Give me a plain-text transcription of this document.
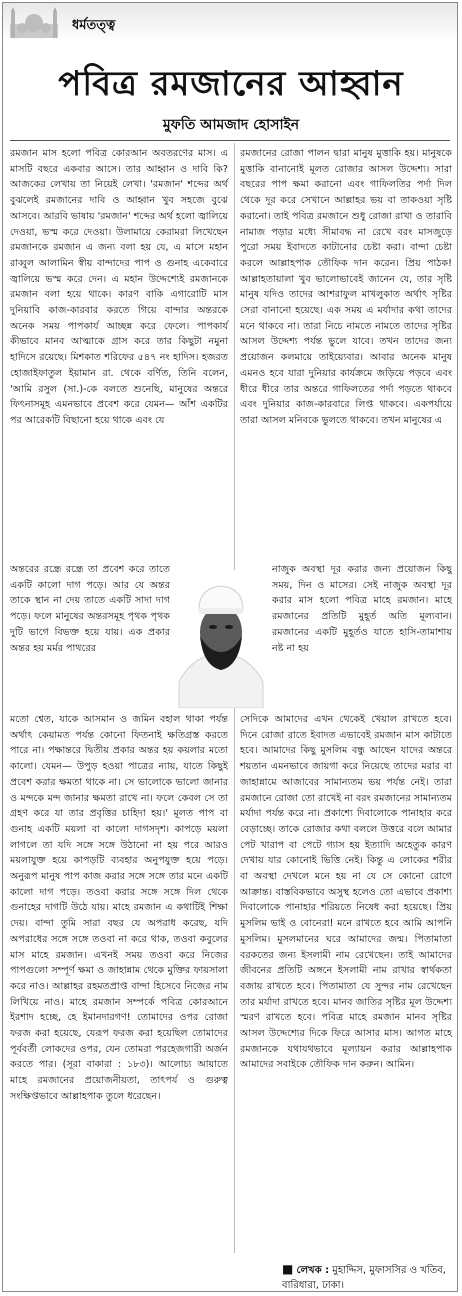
ধর্মতত্ত্ব
পবিত্র রমজানের আহ্বান
মুফতি আমজাদ হোসাইন

রমজান মাস হলো পবিত্র কোরআন অবতরণের মাস। এ মাসটি বছরে একবার আসে। তার আহ্বান ও দাবি কি? আজকের লেখায় তা নিয়েই লেখা। 'রমজান' শব্দের অর্থ বুঝলেই রমজানের দাবি ও আহ্বান খুব সহজে বুঝে আসবে। আরবি ভাষায় 'রমজান' শব্দের অর্থ হলো জ্বালিয়ে দেওয়া, ভস্ম করে দেওয়া। উলামায়ে কেরামরা লিখেছেন রমজানকে রমজান এ জন্য বলা হয় যে, এ মাসে মহান রাব্বুল আলামিন স্বীয় বান্দাদের পাপ ও গুনাহ একেবারে জ্বালিয়ে ভস্ম করে দেন। এ মহান উদ্দেশ্যেই রমজানকে রমজান বলা হয়ে থাকে। কারণ বাকি এগারোটি মাস দুনিয়াবি কাজ-কারবার করতে গিয়ে বান্দার অন্তরকে অনেক সময় পাপকার্য আচ্ছন্ন করে ফেলে। পাপকার্য কীভাবে মানব আত্মাকে গ্রাস করে তার কিছুটা নমুনা হাদিসে রয়েছে। মিশকাত শরিফের ৫৪৭ নং হাদিস। হজরত হোজাইফাতুল ইয়ামান রা. থেকে বর্ণিত, তিনি বলেন, 'আমি রসুল (সা.)-কে বলতে শুনেছি, মানুষের অন্তরে ফিৎনাসমূহ এমনভাবে প্রবেশ করে যেমন— আঁশ একটির পর আরেকটি বিছানো হয়ে থাকে এবং যে

অন্তরের রন্ধ্রে রন্ধ্রে তা প্রবেশ করে তাতে একটি কালো দাগ পড়ে। আর যে অন্তর তাকে স্থান না দেয় তাতে একটি সাদা দাগ পড়ে। ফলে মানুষের অন্তরসমূহ পৃথক পৃথক দুটি ভাগে বিভক্ত হয়ে যায়। এক প্রকার অন্তর হয় মর্মর পাথরের

মতো শ্বেত, যাকে আসমান ও জমিন বহাল থাকা পর্যন্ত অর্থাৎ কেয়ামত পর্যন্ত কোনো ফিতনাই ক্ষতিগ্রস্ত করতে পারে না। পক্ষান্তরে দ্বিতীয় প্রকার অন্তর হয় কয়লার মতো কালো। যেমন— উপুড় হওয়া পাত্রের ন্যায়, যাতে কিছুই প্রবেশ করার ক্ষমতা থাকে না। সে ভালোকে ভালো জানার ও মন্দকে মন্দ জানার ক্ষমতা রাখে না। ফলে কেবল সে তা গ্রহণ করে যা তার প্রবৃত্তির চাহিদা হয়।' মূলত পাপ বা গুনাহ একটি ময়লা বা কালো দাগসদৃশ। কাপড়ে ময়লা লাগলে তা যদি সঙ্গে সঙ্গে উঠানো না হয় পরে আরও ময়লাযুক্ত হয়ে কাপড়টি ব্যবহার অনুপযুক্ত হয়ে পড়ে। অনুরূপ মানুষ পাপ কাজ করার সঙ্গে সঙ্গে তার মনে একটি কালো দাগ পড়ে। তওবা করার সঙ্গে সঙ্গে দিল থেকে গুনাহের দাগটি উঠে যায়। মাহে রমজান এ কথাটিই শিক্ষা দেয়। বান্দা তুমি সারা বছর যে অপরাধ করেছ, যদি অপরাধের সঙ্গে সঙ্গে তওবা না করে থাক, তওবা কবুলের মাস মাহে রমজান। এখনই সময় তওবা করে নিজের পাপগুলো সম্পূর্ণ ক্ষমা ও জাহান্নাম থেকে মুক্তির ফায়সালা করে নাও। আল্লাহর রহমতপ্রাপ্ত বান্দা হিসেবে নিজের নাম লিখিয়ে নাও। মাহে রমজান সম্পর্কে পবিত্র কোরআনে ইরশাদ হচ্ছে, হে ইমানদারগণ! তোমাদের ওপর রোজা ফরজ করা হয়েছে, যেরূপ ফরজ করা হয়েছিল তোমাদের পূর্ববর্তী লোকদের ওপর, যেন তোমরা পরহেজগারী অর্জন করতে পার। (সূরা বাকারা : ১৮৩)। আলোচ্য আয়াতে মাহে রমজানের প্রয়োজনীয়তা, তাৎপর্য ও গুরুত্ব সংক্ষিপ্তভাবে আল্লাহপাক তুলে ধরেছেন।

রমজানের রোজা পালন দ্বারা মানুষ মুত্তাকি হয়। মানুষকে মুত্তাকি বানানোই মূলত রোজার আসল উদ্দেশ্য। সারা বছরের পাপ ক্ষমা করানো এবং গাফিলতির পর্দা দিল থেকে দূর করে সেখানে আল্লাহর ভয় বা তাকওয়া সৃষ্টি করানো। তাই পবিত্র রমজানে শুধু রোজা রাখা ও তারাবি নামাজ পড়ার মধ্যে সীমাবদ্ধ না রেখে বরং মাসজুড়ে পুরো সময় ইবাদতে কাটানোর চেষ্টা করা। বান্দা চেষ্টা করলে আল্লাহপাক তৌফিক দান করেন। প্রিয় পাঠক! আল্লাহতায়ালা খুব ভালোভাবেই জানেন যে, তার সৃষ্টি মানুষ যদিও তাদের আশরাফুল মাখলুকাত অর্থাৎ সৃষ্টির সেরা বানানো হয়েছে। এক সময় এ মর্যাদার কথা তাদের মনে থাকবে না। তারা নিচে নামতে নামতে তাদের সৃষ্টির আসল উদ্দেশ্য পর্যন্ত ভুলে যাবে। তখন তাদের জন্য প্রয়োজন কলমায়ে তাইয়্যেবার। আবার অনেক মানুষ এমনও হবে যারা দুনিয়ার কার্যক্রমে জড়িয়ে পড়বে এবং ধীরে ধীরে তার অন্তরে গাফিলতের পর্দা পড়তে থাকবে এবং দুনিয়ার কাজ-কারবারে লিপ্ত থাকবে। একপর্যায়ে তারা আসল মনিবকে ভুলতে থাকবে। তখন মানুষের এ

নাজুক অবস্থা দূর করার জন্য প্রয়োজন কিছু সময়, দিন ও মাসের। সেই নাজুক অবস্থা দূর করার মাস হলো পবিত্র মাহে রমজান। মাহে রমজানের প্রতিটি মুহূর্ত অতি মূল্যবান। রমজানের একটি মুহূর্তও যাতে হাসি-তামাশায় নষ্ট না হয়

সেদিকে আমাদের এখন থেকেই খেয়াল রাখতে হবে। দিনে রোজা রাতে ইবাদত এভাবেই রমজান মাস কাটাতে হবে। আমাদের কিছু মুসলিম বন্ধু আছেন যাদের অন্তরে শয়তান এমনভাবে জায়গা করে নিয়েছে তাদের মরার বা জাহান্নামে আজাবের সামান্যতম ভয় পর্যন্ত নেই। তারা রমজানে রোজা তো রাখেই না বরং রমজানের সামান্যতম মর্যাদা পর্যন্ত করে না। প্রকাশ্যে দিবালোকে পানাহার করে বেড়াচ্ছে। তাকে রোজার কথা বললে উত্তরে বলে আমার পেট খারাপ বা পেটে গ্যাস হয় ইত্যাদি অহেতুক কারণ দেখায় যার কোনোই ভিত্তি নেই। কিন্তু এ লোকের শরীর বা অবস্থা দেখলে মনে হয় না যে সে কোনো রোগে আক্রান্ত। বাস্তবিকভাবে অসুস্থ হলেও তো এভাবে প্রকাশ্য দিবালোকে পানাহার শরিয়তে নিষেধ করা হয়েছে। প্রিয় মুসলিম ভাই ও বোনেরা! মনে রাখতে হবে আমি আপনি মুসলিম। মুসলমানের ঘরে আমাদের জন্ম। পিতামাতা বরকতের জন্য ইসলামী নাম রেখেছেন। তাই আমাদের জীবনের প্রতিটি অঙ্গনে ইসলামী নাম রাখার স্বার্থকতা বজায় রাখতে হবে। পিতামাতা যে সুন্দর নাম রেখেছেন তার মর্যাদা রাখতে হবে। মানব জাতির সৃষ্টির মূল উদ্দেশ্য স্মরণ রাখতে হবে। পবিত্র মাহে রমজান মানব সৃষ্টির আসল উদ্দেশ্যের দিকে ফিরে আসার মাস। আগত মাহে রমজানকে যথাযথভাবে মূল্যায়ন করার আল্লাহপাক আমাদের সবাইকে তৌফিক দান করুন। আমিন।

■ লেখক : মুহাদ্দিস, মুফাসসির ও খতিব, বারিধারা, ঢাকা।
